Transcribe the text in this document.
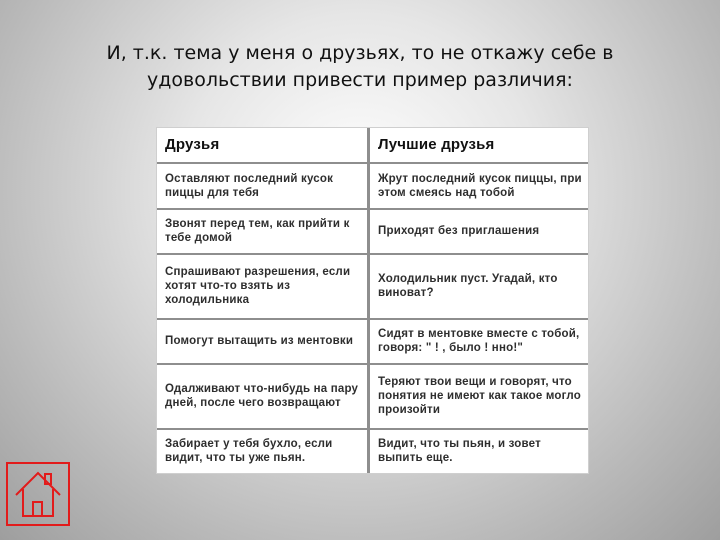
И, т.к. тема у меня о друзьях, то не откажу себе в
удовольствии привести пример различия:
Друзья	Лучшие друзья
Оставляют последний кусок пиццы для тебя	Жрут последний кусок пиццы, при этом смеясь над тобой
Звонят перед тем, как прийти к тебе домой	Приходят без приглашения
Спрашивают разрешения, если хотят что-то взять из холодильника	Холодильник пуст. Угадай, кто виноват?
Помогут вытащить из ментовки	Сидят в ментовке вместе с тобой, говоря: " ! , было ! нно!"
Одалживают что-нибудь на пару дней, после чего возвращают	Теряют твои вещи и говорят, что понятия не имеют как такое могло произойти
Забирает у тебя бухло, если видит, что ты уже пьян.	Видит, что ты пьян, и зовет выпить еще.
